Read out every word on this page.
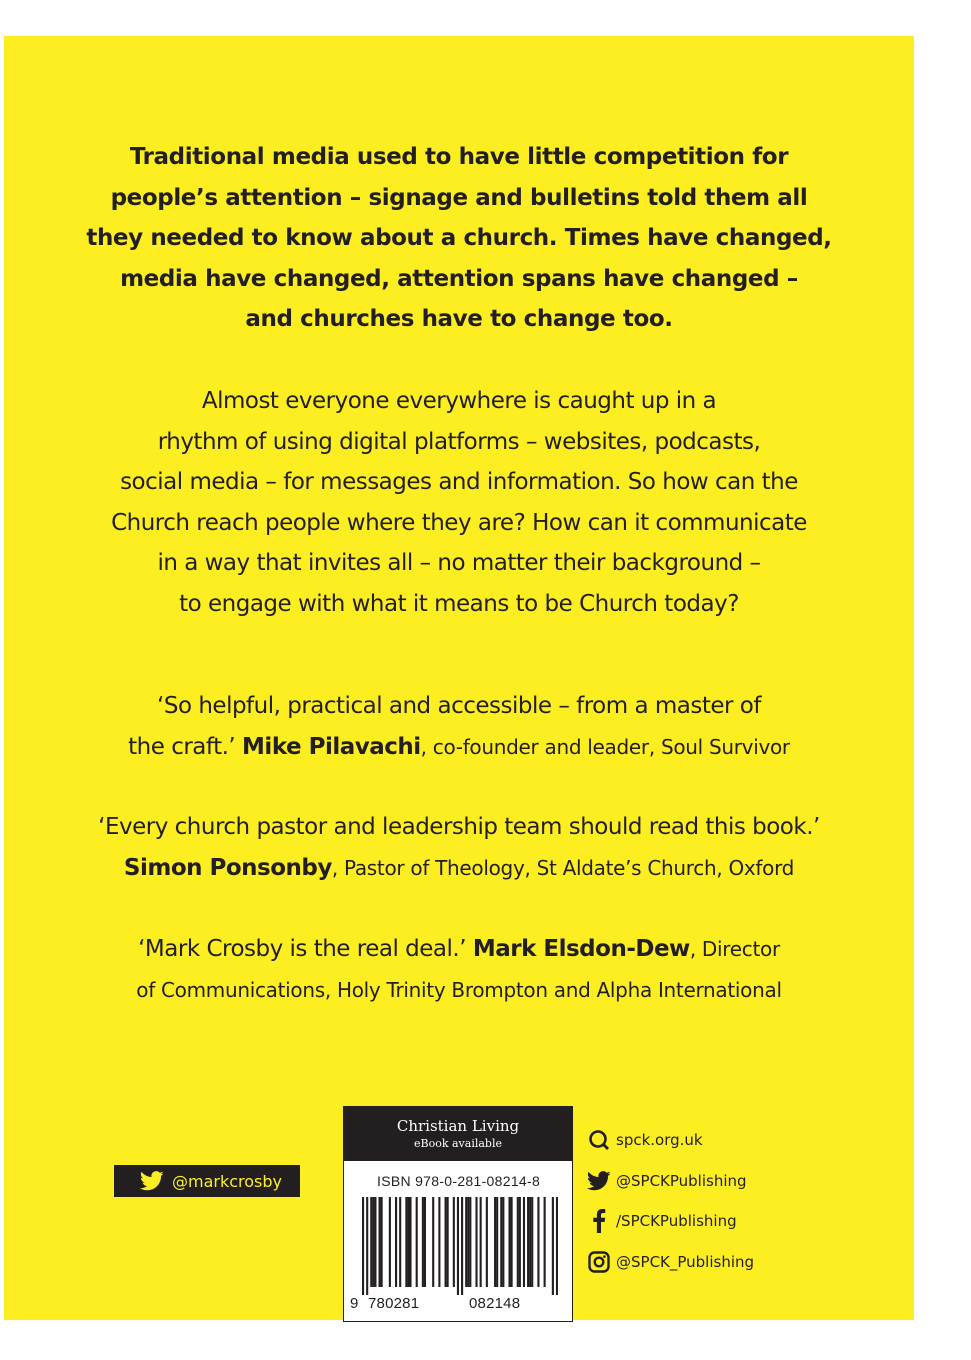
Traditional media used to have little competition for
people’s attention – signage and bulletins told them all
they needed to know about a church. Times have changed,
media have changed, attention spans have changed –
and churches have to change too.
Almost everyone everywhere is caught up in a
rhythm of using digital platforms – websites, podcasts,
social media – for messages and information. So how can the
Church reach people where they are? How can it communicate
in a way that invites all – no matter their background –
to engage with what it means to be Church today?
‘So helpful, practical and accessible – from a master of
the craft.’ Mike Pilavachi, co-founder and leader, Soul Survivor
‘Every church pastor and leadership team should read this book.’
Simon Ponsonby, Pastor of Theology, St Aldate’s Church, Oxford
‘Mark Crosby is the real deal.’ Mark Elsdon-Dew, Director
of Communications, Holy Trinity Brompton and Alpha International
@markcrosby
Christian Living
eBook available
ISBN 978-0-281-08214-8
9 780281	082148
spck.org.uk
@SPCKPublishing
/SPCKPublishing
@SPCK_Publishing
